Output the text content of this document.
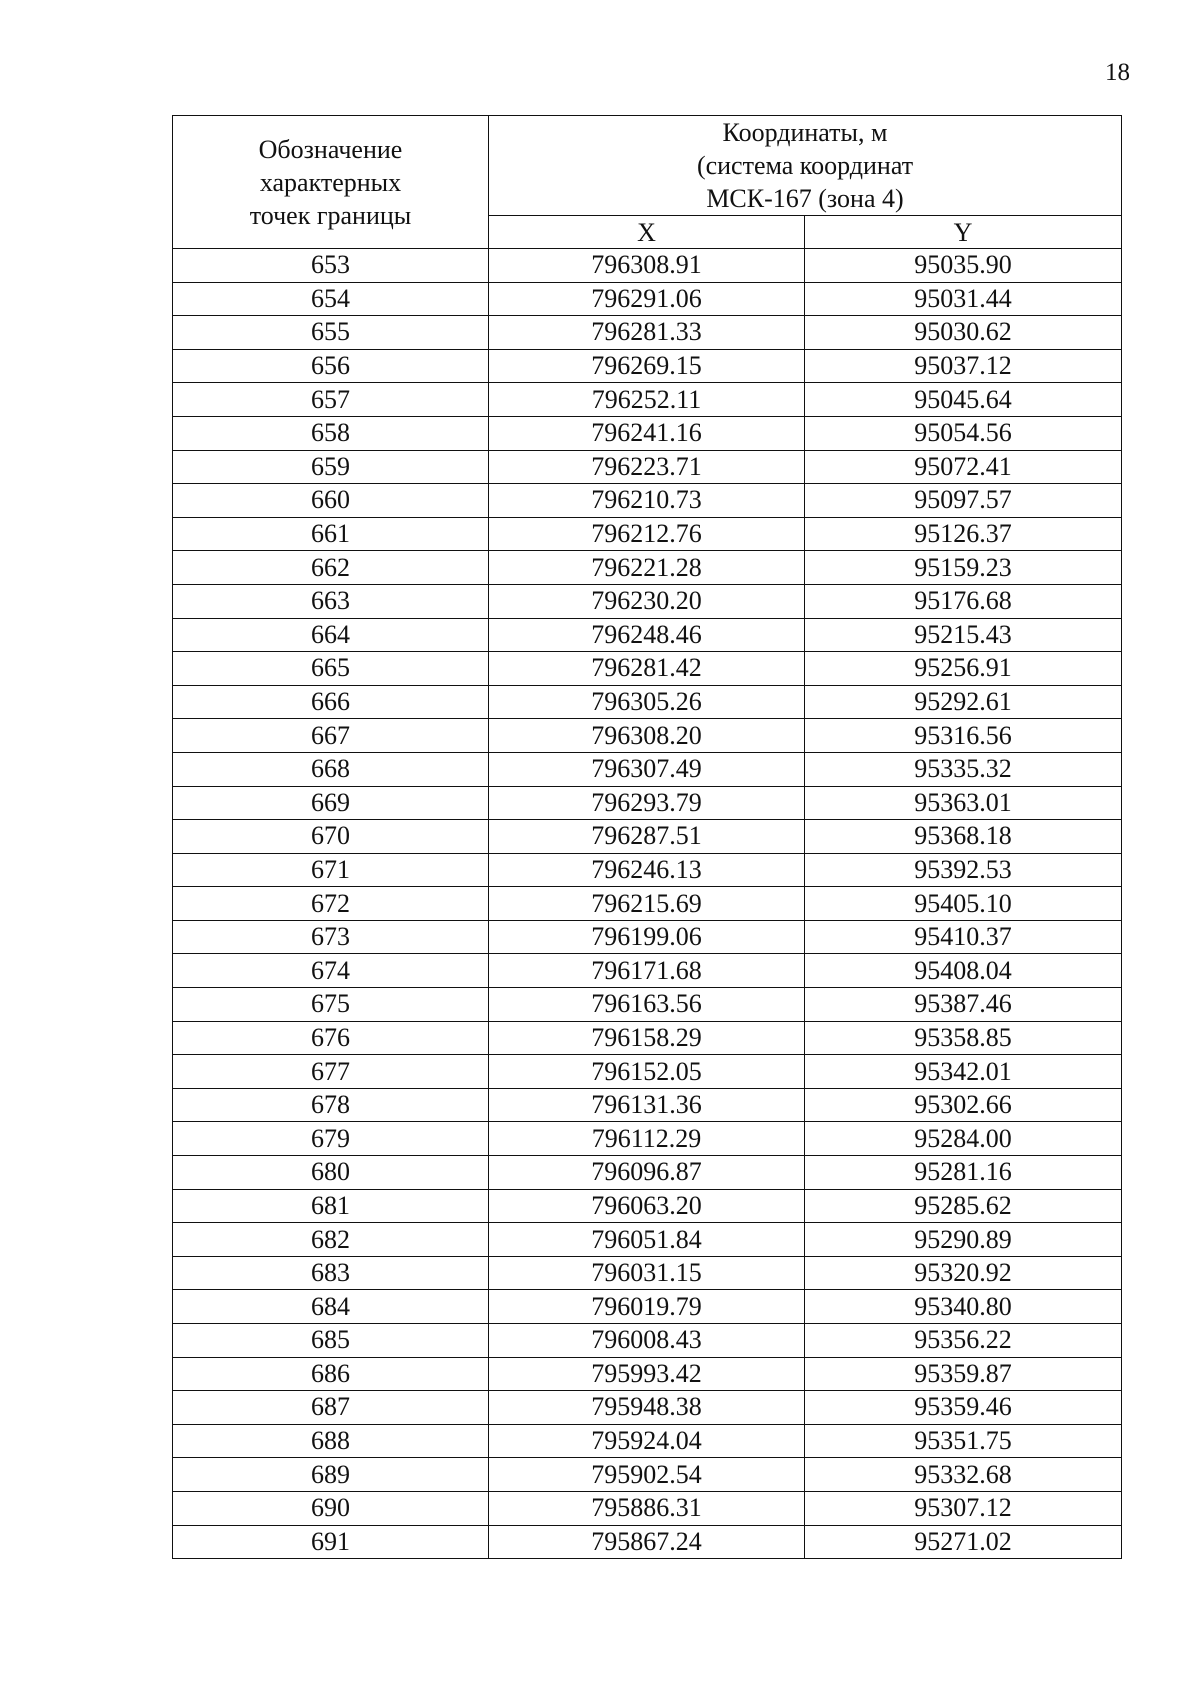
18
Обозначение
характерных
точек границы	Координаты, м
(система координат
МСК-167 (зона 4)	
	X	Y
653	796308.91	95035.90
654	796291.06	95031.44
655	796281.33	95030.62
656	796269.15	95037.12
657	796252.11	95045.64
658	796241.16	95054.56
659	796223.71	95072.41
660	796210.73	95097.57
661	796212.76	95126.37
662	796221.28	95159.23
663	796230.20	95176.68
664	796248.46	95215.43
665	796281.42	95256.91
666	796305.26	95292.61
667	796308.20	95316.56
668	796307.49	95335.32
669	796293.79	95363.01
670	796287.51	95368.18
671	796246.13	95392.53
672	796215.69	95405.10
673	796199.06	95410.37
674	796171.68	95408.04
675	796163.56	95387.46
676	796158.29	95358.85
677	796152.05	95342.01
678	796131.36	95302.66
679	796112.29	95284.00
680	796096.87	95281.16
681	796063.20	95285.62
682	796051.84	95290.89
683	796031.15	95320.92
684	796019.79	95340.80
685	796008.43	95356.22
686	795993.42	95359.87
687	795948.38	95359.46
688	795924.04	95351.75
689	795902.54	95332.68
690	795886.31	95307.12
691	795867.24	95271.02
